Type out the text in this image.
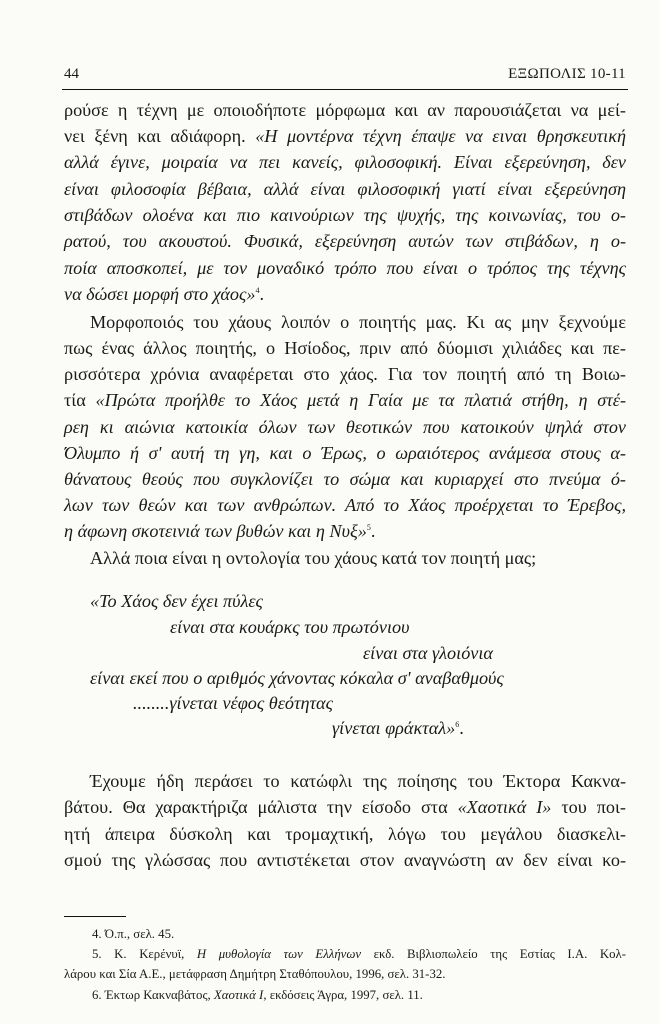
44	ΕΞΩΠΟΛΙΣ 10-11
ρούσε η τέχνη με οποιοδήποτε μόρφωμα και αν παρουσιάζεται να μεί-
νει ξένη και αδιάφορη. «Η μοντέρνα τέχνη έπαψε να ειναι θρησκευτική
αλλά έγινε, μοιραία να πει κανείς, φιλοσοφική. Είναι εξερεύνηση, δεν
είναι φιλοσοφία βέβαια, αλλά είναι φιλοσοφική γιατί είναι εξερεύνηση
στιβάδων ολοένα και πιο καινούριων της ψυχής, της κοινωνίας, του ο-
ρατού, του ακουστού. Φυσικά, εξερεύνηση αυτών των στιβάδων, η ο-
ποία αποσκοπεί, με τον μοναδικό τρόπο που είναι ο τρόπος της τέχνης
να δώσει μορφή στο χάος»$^4$.
Μορφοποιός του χάους λοιπόν ο ποιητής μας. Κι ας μην ξεχνούμε
πως ένας άλλος ποιητής, ο Ησίοδος, πριν από δύομισι χιλιάδες και πε-
ρισσότερα χρόνια αναφέρεται στο χάος. Για τον ποιητή από τη Βοιω-
τία «Πρώτα προήλθε το Χάος μετά η Γαία με τα πλατιά στήθη, η στέ-
ρεη κι αιώνια κατοικία όλων των θεοτικών που κατοικούν ψηλά στον
Όλυμπο ή σ' αυτή τη γη, και ο Έρως, ο ωραιότερος ανάμεσα στους α-
θάνατους θεούς που συγκλονίζει το σώμα και κυριαρχεί στο πνεύμα ό-
λων των θεών και των ανθρώπων. Από το Χάος προέρχεται το Έρεβος,
η άφωνη σκοτεινιά των βυθών και η Νυξ»$^5$.
Αλλά ποια είναι η οντολογία του χάους κατά τον ποιητή μας;
«Το Χάος δεν έχει πύλες
είναι στα κουάρκς του πρωτόνιου
είναι στα γλοιόνια
είναι εκεί που ο αριθμός χάνοντας κόκαλα σ' αναβαθμούς
........γίνεται νέφος θεότητας
γίνεται φράκταλ»$^6$.
Έχουμε ήδη περάσει το κατώφλι της ποίησης του Έκτορα Κακνα-
βάτου. Θα χαρακτήριζα μάλιστα την είσοδο στα «Χαοτικά Ι» του ποι-
ητή άπειρα δύσκολη και τρομαχτική, λόγω του μεγάλου διασκελι-
σμού της γλώσσας που αντιστέκεται στον αναγνώστη αν δεν είναι κο-
4. Ό.π., σελ. 45.
5. Κ. Κερένυϊ, Η μυθολογία των Ελλήνων εκδ. Βιβλιοπωλείο της Εστίας Ι.Α. Κολ-
λάρου και Σία Α.Ε., μετάφραση Δημήτρη Σταθόπουλου, 1996, σελ. 31-32.
6. Έκτωρ Κακναβάτος, Χαοτικά Ι, εκδόσεις Άγρα, 1997, σελ. 11.
